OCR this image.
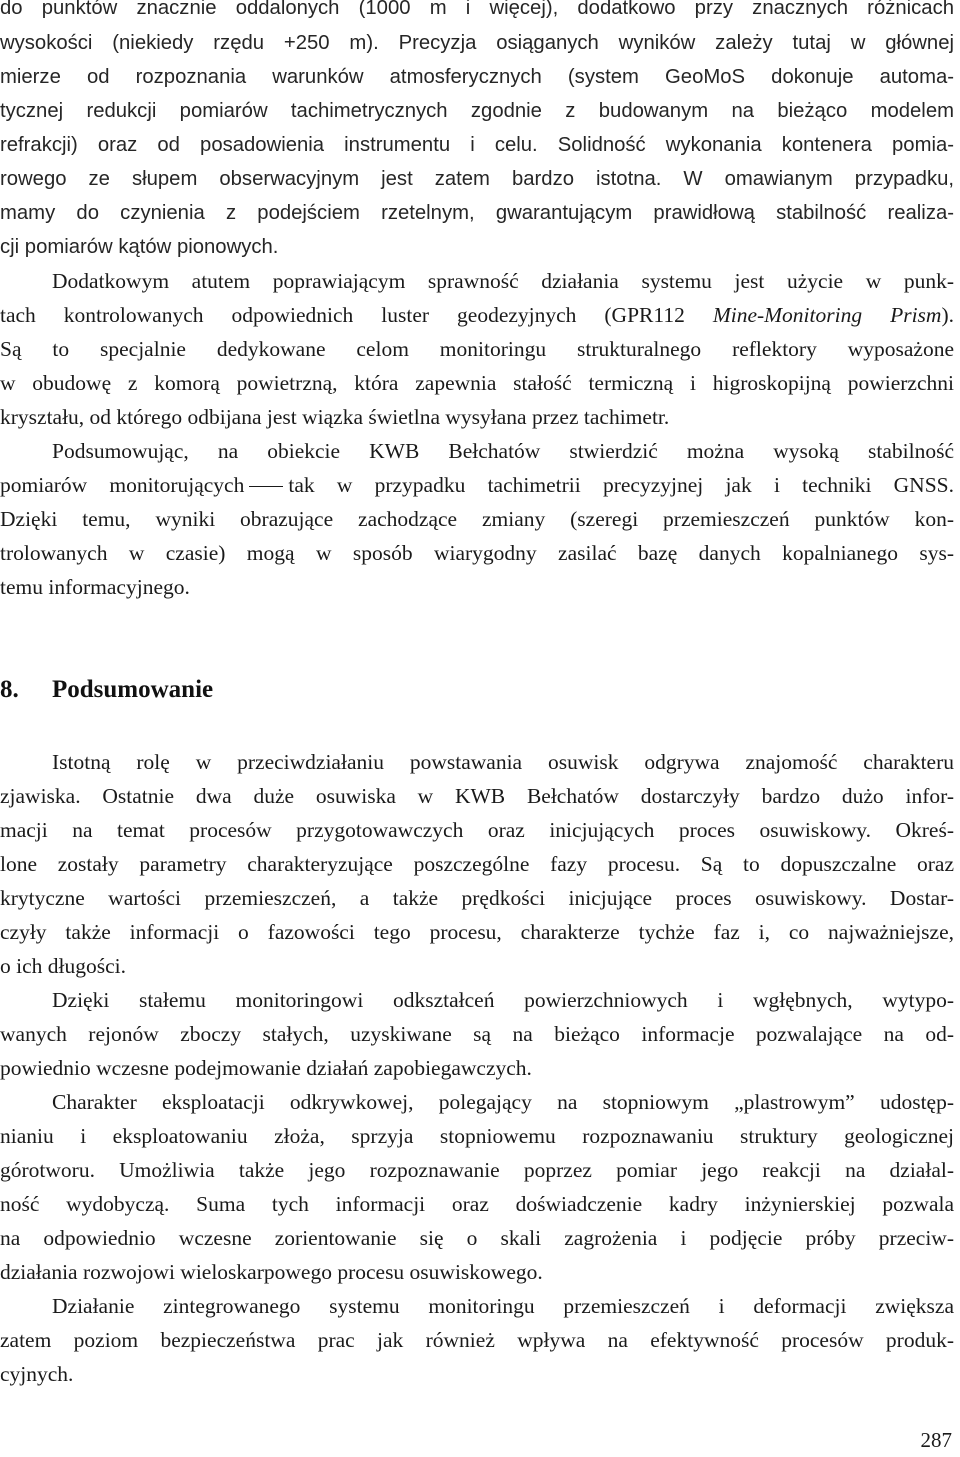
do punktów znacznie oddalonych (1000 m i więcej), dodatkowo przy znacznych różnicach
wysokości (niekiedy rzędu +250 m). Precyzja osiąganych wyników zależy tutaj w głównej
mierze od rozpoznania warunków atmosferycznych (system GeoMoS dokonuje automa-
tycznej redukcji pomiarów tachimetrycznych zgodnie z budowanym na bieżąco modelem
refrakcji) oraz od posadowienia instrumentu i celu. Solidność wykonania kontenera pomia-
rowego ze słupem obserwacyjnym jest zatem bardzo istotna. W omawianym przypadku,
mamy do czynienia z podejściem rzetelnym, gwarantującym prawidłową stabilność realiza-
cji pomiarów kątów pionowych.
Dodatkowym atutem poprawiającym sprawność działania systemu jest użycie w punk-
tach kontrolowanych odpowiednich luster geodezyjnych (GPR112 Mine-Monitoring Prism).
Są to specjalnie dedykowane celom monitoringu strukturalnego reflektory wyposażone
w obudowę z komorą powietrzną, która zapewnia stałość termiczną i higroskopijną powierzchni
kryształu, od którego odbijana jest wiązka świetlna wysyłana przez tachimetr.
Podsumowując, na obiekcie KWB Bełchatów stwierdzić można wysoką stabilność
pomiarów monitorujących tak w przypadku tachimetrii precyzyjnej jak i techniki GNSS.
Dzięki temu, wyniki obrazujące zachodzące zmiany (szeregi przemieszczeń punktów kon-
trolowanych w czasie) mogą w sposób wiarygodny zasilać bazę danych kopalnianego sys-
temu informacyjnego.
8. Podsumowanie
Istotną rolę w przeciwdziałaniu powstawania osuwisk odgrywa znajomość charakteru
zjawiska. Ostatnie dwa duże osuwiska w KWB Bełchatów dostarczyły bardzo dużo infor-
macji na temat procesów przygotowawczych oraz inicjujących proces osuwiskowy. Okreś-
lone zostały parametry charakteryzujące poszczególne fazy procesu. Są to dopuszczalne oraz
krytyczne wartości przemieszczeń, a także prędkości inicjujące proces osuwiskowy. Dostar-
czyły także informacji o fazowości tego procesu, charakterze tychże faz i, co najważniejsze,
o ich długości.
Dzięki stałemu monitoringowi odkształceń powierzchniowych i wgłębnych, wytypo-
wanych rejonów zboczy stałych, uzyskiwane są na bieżąco informacje pozwalające na od-
powiednio wczesne podejmowanie działań zapobiegawczych.
Charakter eksploatacji odkrywkowej, polegający na stopniowym „plastrowym” udostęp-
nianiu i eksploatowaniu złoża, sprzyja stopniowemu rozpoznawaniu struktury geologicznej
górotworu. Umożliwia także jego rozpoznawanie poprzez pomiar jego reakcji na działal-
ność wydobyczą. Suma tych informacji oraz doświadczenie kadry inżynierskiej pozwala
na odpowiednio wczesne zorientowanie się o skali zagrożenia i podjęcie próby przeciw-
działania rozwojowi wieloskarpowego procesu osuwiskowego.
Działanie zintegrowanego systemu monitoringu przemieszczeń i deformacji zwiększa
zatem poziom bezpieczeństwa prac jak również wpływa na efektywność procesów produk-
cyjnych.
287
